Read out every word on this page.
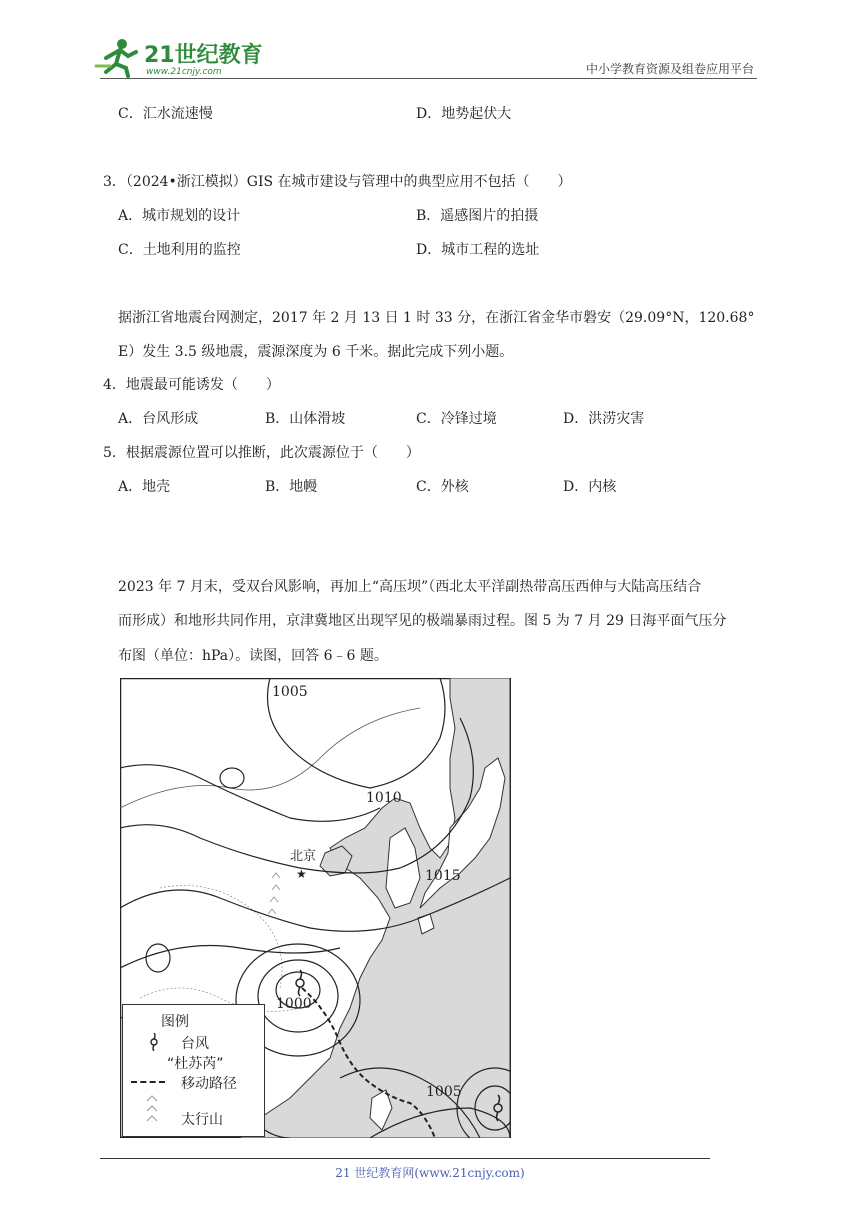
21世纪教育
www.21cnjy.com	中小学教育资源及组卷应用平台
C．汇水流速慢	D．地势起伏大
3．（2024•浙江模拟）GIS 在城市建设与管理中的典型应用不包括（　　）
A．城市规划的设计	B．遥感图片的拍摄
C．土地利用的监控	D．城市工程的选址
据浙江省地震台网测定，2017 年 2 月 13 日 1 时 33 分，在浙江省金华市磐安（29.09°N，120.68°
E）发生 3.5 级地震，震源深度为 6 千米。据此完成下列小题。
4．地震最可能诱发（　　）
A．台风形成	B．山体滑坡	C．冷锋过境	D．洪涝灾害
5．根据震源位置可以推断，此次震源位于（　　）
A．地壳	B．地幔	C．外核	D．内核
2023 年 7 月末，受双台风影响，再加上“高压坝”（西北太平洋副热带高压西伸与大陆高压结合
而形成）和地形共同作用，京津冀地区出现罕见的极端暴雨过程。图 5 为 7 月 29 日海平面气压分
布图（单位：hPa）。读图，回答 6﹣6 题。
★
北京
1005
1010
1015
1000
1005
图例
台风
“杜苏芮”
移动路径
太行山
21 世纪教育网(www.21cnjy.com)
